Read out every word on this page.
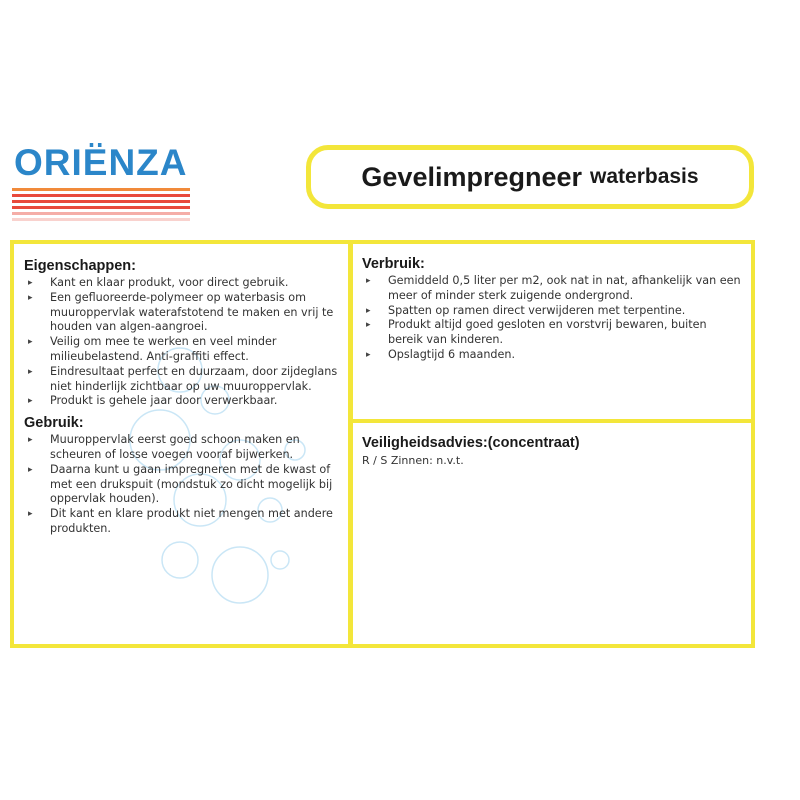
ORIËNZA	Gevelimpregneer waterbasis
Eigenschappen:
▸ Kant en klaar produkt, voor direct gebruik.
▸ Een gefluoreerde-polymeer op waterbasis om muuroppervlak waterafstotend te maken en vrij te houden van algen-aangroei.
▸ Veilig om mee te werken en veel minder milieubelastend. Anti-graffiti effect.
▸ Eindresultaat perfect en duurzaam, door zijdeglans niet hinderlijk zichtbaar op uw muuroppervlak.
▸ Produkt is gehele jaar door verwerkbaar.
Gebruik:
▸ Muuroppervlak eerst goed schoon maken en scheuren of losse voegen vooraf bijwerken.
▸ Daarna kunt u gaan impregneren met de kwast of met een drukspuit (mondstuk zo dicht mogelijk bij oppervlak houden).
▸ Dit kant en klare produkt niet mengen met andere produkten.
Verbruik:
▸ Gemiddeld 0,5 liter per m2, ook nat in nat, afhankelijk van een meer of minder sterk zuigende ondergrond.
▸ Spatten op ramen direct verwijderen met terpentine.
▸ Produkt altijd goed gesloten en vorstvrij bewaren, buiten bereik van kinderen.
▸ Opslagtijd 6 maanden.
Veiligheidsadvies:(concentraat)

R / S Zinnen: n.v.t.
